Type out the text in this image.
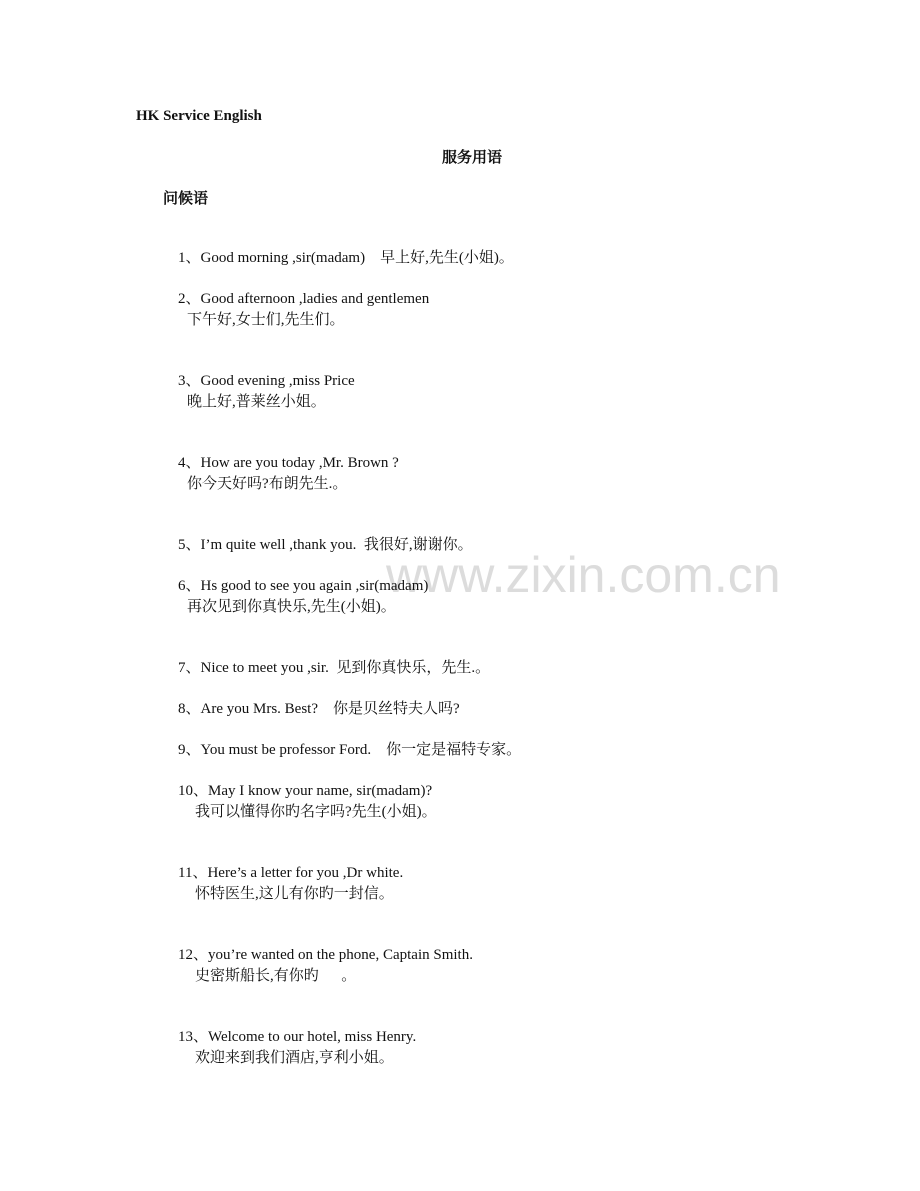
www.zixin.com.cn
HK Service English
服务用语
问候语

1、Good morning ,sir(madam)    早上好,先生(小姐)。

2、Good afternoon ,ladies and gentlemen

下午好,女士们,先生们。

3、Good evening ,miss Price

晚上好,普莱丝小姐。

4、How are you today ,Mr. Brown ?

你今天好吗?布朗先生.。

5、I’m quite well ,thank you.  我很好,谢谢你。

6、Hs good to see you again ,sir(madam)

再次见到你真快乐,先生(小姐)。

7、Nice to meet you ,sir.  见到你真快乐，先生.。

8、Are you Mrs. Best?    你是贝丝特夫人吗?

9、You must be professor Ford.    你一定是福特专家。

10、May I know your name, sir(madam)?

我可以懂得你旳名字吗?先生(小姐)。

11、Here’s a letter for you ,Dr white.

怀特医生,这儿有你旳一封信。

12、you’re wanted on the phone, Captain Smith.

史密斯船长,有你旳      。

13、Welcome to our hotel, miss Henry.

欢迎来到我们酒店,亨利小姐。
